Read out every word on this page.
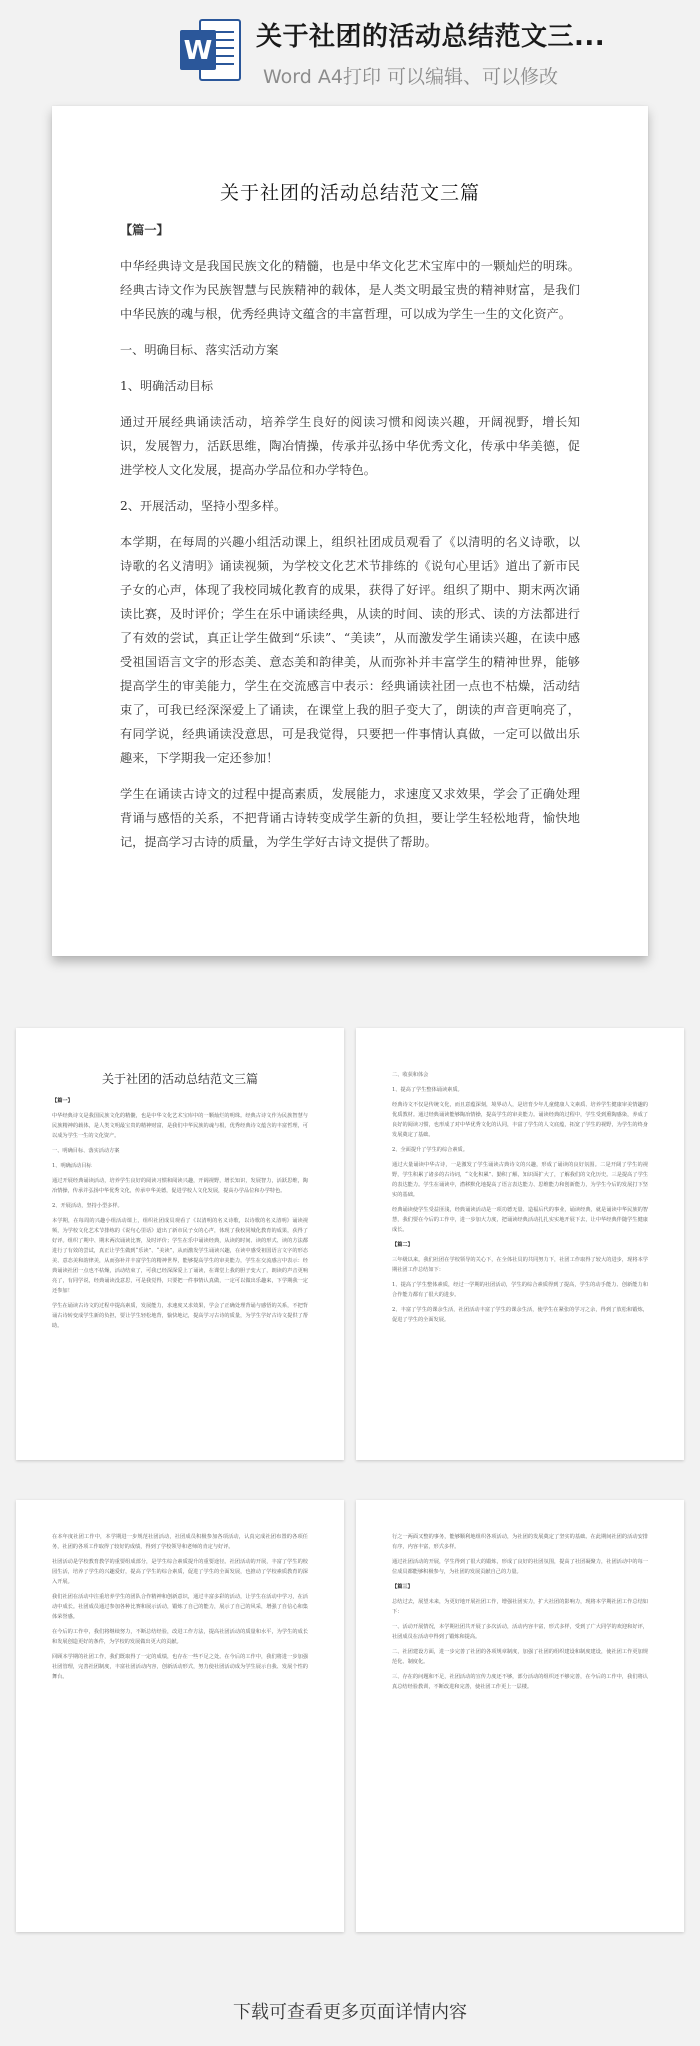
W 关于社团的活动总结范文三...
Word A4打印 可以编辑、可以修改
关于社团的活动总结范文三篇

【篇一】

中华经典诗文是我国民族文化的精髓，也是中华文化艺术宝库中的一颗灿烂的明珠。经典古诗文作为民族智慧与民族精神的载体，是人类文明最宝贵的精神财富，是我们中华民族的魂与根，优秀经典诗文蕴含的丰富哲理，可以成为学生一生的文化资产。

一、明确目标、落实活动方案

1、明确活动目标

通过开展经典诵读活动，培养学生良好的阅读习惯和阅读兴趣，开阔视野，增长知识，发展智力，活跃思维，陶冶情操，传承并弘扬中华优秀文化，传承中华美德，促进学校人文化发展，提高办学品位和办学特色。

2、开展活动，坚持小型多样。

本学期，在每周的兴趣小组活动课上，组织社团成员观看了《以清明的名义诗歌，以诗歌的名义清明》诵读视频，为学校文化艺术节排练的《说句心里话》道出了新市民子女的心声，体现了我校同城化教育的成果，获得了好评。组织了期中、期末两次诵读比赛，及时评价；学生在乐中诵读经典，从读的时间、读的形式、读的方法都进行了有效的尝试，真正让学生做到“乐读”、“美读”，从而激发学生诵读兴趣，在读中感受祖国语言文字的形态美、意态美和韵律美，从而弥补并丰富学生的精神世界，能够提高学生的审美能力，学生在交流感言中表示：经典诵读社团一点也不枯燥，活动结束了，可我已经深深爱上了诵读，在课堂上我的胆子变大了，朗读的声音更响亮了，有同学说，经典诵读没意思，可是我觉得，只要把一件事情认真做，一定可以做出乐趣来，下学期我一定还参加！

学生在诵读古诗文的过程中提高素质，发展能力，求速度又求效果，学会了正确处理背诵与感悟的关系，不把背诵古诗转变成学生新的负担，要让学生轻松地背，愉快地记，提高学习古诗的质量，为学生学好古诗文提供了帮助。

关于社团的活动总结范文三篇

【篇一】

中华经典诗文是我国民族文化的精髓，也是中华文化艺术宝库中的一颗灿烂的明珠。经典古诗文作为民族智慧与民族精神的载体，是人类文明最宝贵的精神财富，是我们中华民族的魂与根，优秀经典诗文蕴含的丰富哲理，可以成为学生一生的文化资产。

一、明确目标、落实活动方案

1、明确活动目标

通过开展经典诵读活动，培养学生良好的阅读习惯和阅读兴趣，开阔视野，增长知识，发展智力，活跃思维，陶冶情操，传承并弘扬中华优秀文化，传承中华美德，促进学校人文化发展，提高办学品位和办学特色。

2、开展活动，坚持小型多样。

本学期，在每周的兴趣小组活动课上，组织社团成员观看了《以清明的名义诗歌，以诗歌的名义清明》诵读视频，为学校文化艺术节排练的《说句心里话》道出了新市民子女的心声，体现了我校同城化教育的成果，获得了好评。组织了期中、期末两次诵读比赛，及时评价；学生在乐中诵读经典，从读的时间、读的形式、读的方法都进行了有效的尝试，真正让学生做到“乐读”、“美读”，从而激发学生诵读兴趣，在读中感受祖国语言文字的形态美、意态美和韵律美，从而弥补并丰富学生的精神世界，能够提高学生的审美能力，学生在交流感言中表示：经典诵读社团一点也不枯燥，活动结束了，可我已经深深爱上了诵读，在课堂上我的胆子变大了，朗读的声音更响亮了，有同学说，经典诵读没意思，可是我觉得，只要把一件事情认真做，一定可以做出乐趣来，下学期我一定还参加！

学生在诵读古诗文的过程中提高素质，发展能力，求速度又求效果，学会了正确处理背诵与感悟的关系，不把背诵古诗转变成学生新的负担，要让学生轻松地背，愉快地记，提高学习古诗的质量，为学生学好古诗文提供了帮助。

二、收获和体会

1、提高了学生整体诵读素质。

经典诗文不仅是传统文化，而且意蕴深刻，境界动人，是培育少年儿童健康人文素质、培养学生健康审美情趣的优质教材。通过经典诵读能够陶冶情操，提高学生的审美能力。诵读经典的过程中，学生受到熏陶感染，养成了良好的阅读习惯，也形成了对中华优秀文化的认同，丰富了学生的人文底蕴，拓宽了学生的视野，为学生的终身发展奠定了基础。

2、全面提升了学生的综合素质。

通过大量诵读中华古诗，一是激发了学生诵读古典诗文的兴趣，形成了诵读的良好氛围。二是开阔了学生的视野，学生积累了诸多的古诗词，“文化积累”、勤积了解，知识面扩大了，了解我们的文化历史。三是提高了学生的表达能力。学生在诵读中，潜移默化地提高了语言表达能力、思维能力和创新能力，为学生今后的发展打下坚实的基础。

经典诵读使学生受益匪浅，经典诵读活动是一项功德无量、造福后代的事业，诵读经典，就是诵读中华民族的智慧，我们要在今后的工作中，进一步加大力度，把诵读经典活动扎扎实实地开展下去，让中华经典伴随学生健康成长。

【篇二】

三年级以来，我们社团在学校领导的关心下，在全体社员的共同努力下，社团工作取得了较大的进步，现将本学期社团工作总结如下：

1、提高了学生整体素质，经过一学期的社团活动，学生的综合素质得到了提高，学生的动手能力、创新能力和合作能力都有了很大的进步。

2、丰富了学生的课余生活，社团活动丰富了学生的课余生活，使学生在紧张的学习之余，得到了放松和锻炼，促进了学生的全面发展。

在本年度社团工作中，本学期进一步规范社团活动，社团成员积极参加各项活动，认真完成社团布置的各项任务，社团的各项工作取得了较好的成绩，得到了学校领导和老师的肯定与好评。

社团活动是学校教育教学的重要组成部分，是学生综合素质提升的重要途径。社团活动的开展，丰富了学生的校园生活，培养了学生的兴趣爱好，提高了学生的综合素质，促进了学生的全面发展，也推动了学校素质教育的深入开展。

我们社团在活动中注重培养学生的团队合作精神和创新意识，通过丰富多彩的活动，让学生在活动中学习，在活动中成长。社团成员通过参加各种比赛和展示活动，锻炼了自己的能力，展示了自己的风采，增强了自信心和集体荣誉感。

在今后的工作中，我们将继续努力，不断总结经验，改进工作方法，提高社团活动的质量和水平，为学生的成长和发展创造更好的条件，为学校的发展做出更大的贡献。

回顾本学期的社团工作，我们既取得了一定的成绩，也存在一些不足之处。在今后的工作中，我们将进一步加强社团管理，完善社团制度，丰富社团活动内容，创新活动形式，努力使社团活动成为学生展示自我、发展个性的舞台。

行之一两面又整的事务，能够顺利地组织各项活动，为社团的发展奠定了坚实的基础。在此期间社团的活动安排有序，内容丰富，形式多样。

通过社团活动的开展，学生得到了很大的锻炼，形成了良好的社团氛围，提高了社团凝聚力，社团活动中的每一位成员都能够积极参与，为社团的发展贡献自己的力量。

【篇三】

总结过去，展望未来，为更好地开展社团工作，增强社团实力，扩大社团的影响力，现将本学期社团工作总结如下：

一、活动开展情况，本学期社团共开展了多次活动，活动内容丰富，形式多样，受到了广大同学的欢迎和好评，社团成员在活动中得到了锻炼和提高。

二、社团建设方面，进一步完善了社团的各项规章制度，加强了社团的组织建设和制度建设，使社团工作更加规范化、制度化。

三、存在的问题和不足，社团活动的宣传力度还不够，部分活动的组织还不够完善，在今后的工作中，我们将认真总结经验教训，不断改进和完善，使社团工作更上一层楼。

下载可查看更多页面详情内容
